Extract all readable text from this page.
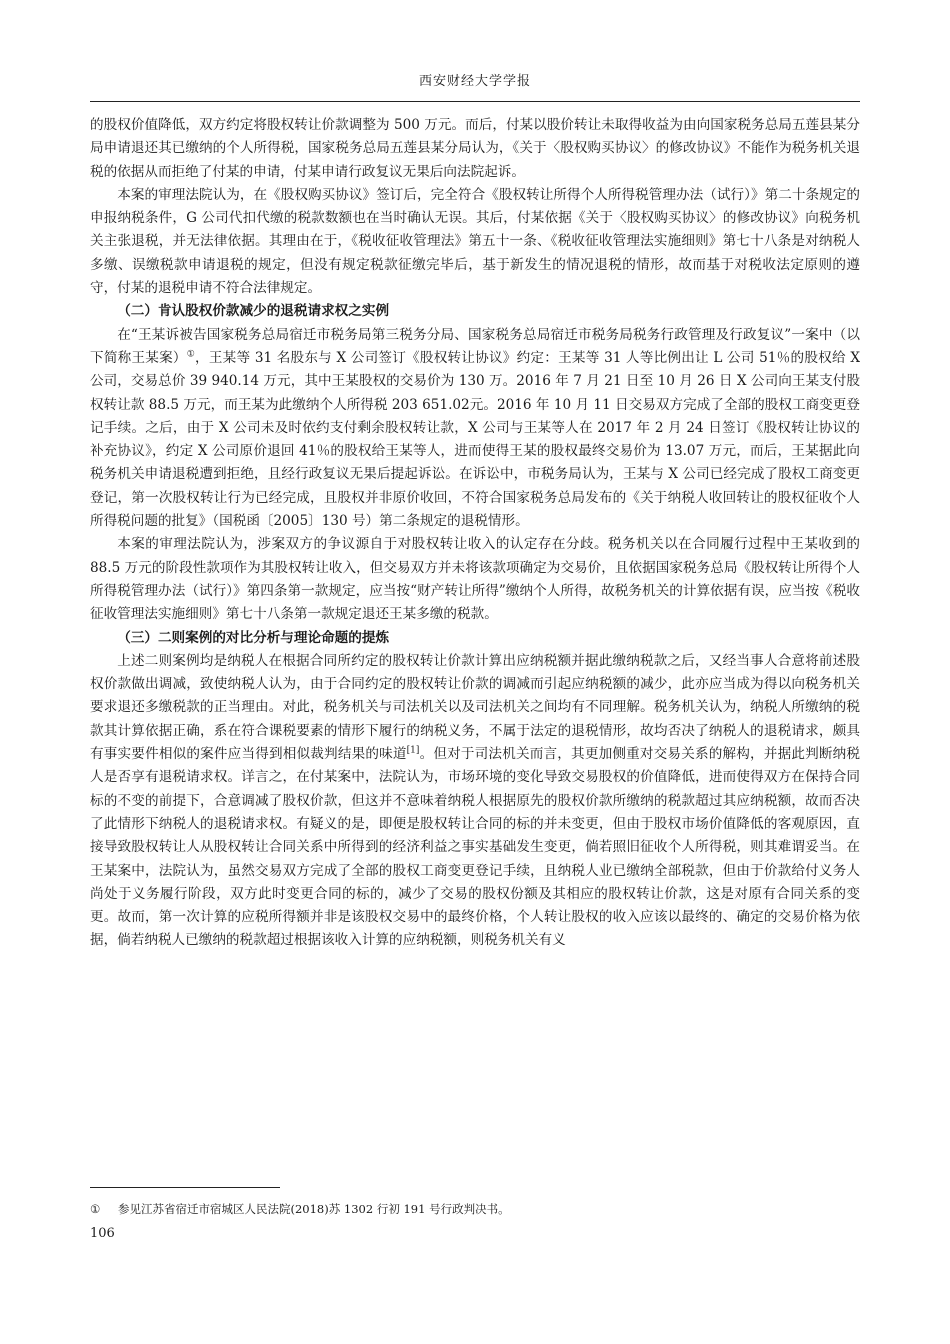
西安财经大学学报

的股权价值降低，双方约定将股权转让价款调整为 500 万元。而后，付某以股价转让未取得收益为由向国家税务总局五莲县某分局申请退还其已缴纳的个人所得税，国家税务总局五莲县某分局认为，《关于〈股权购买协议〉的修改协议》不能作为税务机关退税的依据从而拒绝了付某的申请，付某申请行政复议无果后向法院起诉。

本案的审理法院认为，在《股权购买协议》签订后，完全符合《股权转让所得个人所得税管理办法（试行）》第二十条规定的申报纳税条件，G 公司代扣代缴的税款数额也在当时确认无误。其后，付某依据《关于〈股权购买协议〉的修改协议》向税务机关主张退税，并无法律依据。其理由在于，《税收征收管理法》第五十一条、《税收征收管理法实施细则》第七十八条是对纳税人多缴、误缴税款申请退税的规定，但没有规定税款征缴完毕后，基于新发生的情况退税的情形，故而基于对税收法定原则的遵守，付某的退税申请不符合法律规定。

（二）肯认股权价款减少的退税请求权之实例

在“王某诉被告国家税务总局宿迁市税务局第三税务分局、国家税务总局宿迁市税务局税务行政管理及行政复议”一案中（以下简称王某案）①，王某等 31 名股东与 X 公司签订《股权转让协议》约定：王某等 31 人等比例出让 L 公司 51％的股权给 X 公司，交易总价 39 940.14 万元，其中王某股权的交易价为 130 万。2016 年 7 月 21 日至 10 月 26 日 X 公司向王某支付股权转让款 88.5 万元，而王某为此缴纳个人所得税 203 651.02元。2016 年 10 月 11 日交易双方完成了全部的股权工商变更登记手续。之后，由于 X 公司未及时依约支付剩余股权转让款，X 公司与王某等人在 2017 年 2 月 24 日签订《股权转让协议的补充协议》，约定 X 公司原价退回 41％的股权给王某等人，进而使得王某的股权最终交易价为 13.07 万元，而后，王某据此向税务机关申请退税遭到拒绝，且经行政复议无果后提起诉讼。在诉讼中，市税务局认为，王某与 X 公司已经完成了股权工商变更登记，第一次股权转让行为已经完成，且股权并非原价收回，不符合国家税务总局发布的《关于纳税人收回转让的股权征收个人所得税问题的批复》（国税函〔2005〕130 号）第二条规定的退税情形。

本案的审理法院认为，涉案双方的争议源自于对股权转让收入的认定存在分歧。税务机关以在合同履行过程中王某收到的 88.5 万元的阶段性款项作为其股权转让收入，但交易双方并未将该款项确定为交易价，且依据国家税务总局《股权转让所得个人所得税管理办法（试行）》第四条第一款规定，应当按“财产转让所得”缴纳个人所得，故税务机关的计算依据有误，应当按《税收征收管理法实施细则》第七十八条第一款规定退还王某多缴的税款。

（三）二则案例的对比分析与理论命题的提炼

上述二则案例均是纳税人在根据合同所约定的股权转让价款计算出应纳税额并据此缴纳税款之后，又经当事人合意将前述股权价款做出调减，致使纳税人认为，由于合同约定的股权转让价款的调减而引起应纳税额的减少，此亦应当成为得以向税务机关要求退还多缴税款的正当理由。对此，税务机关与司法机关以及司法机关之间均有不同理解。税务机关认为，纳税人所缴纳的税款其计算依据正确，系在符合课税要素的情形下履行的纳税义务，不属于法定的退税情形，故均否决了纳税人的退税请求，颇具有事实要件相似的案件应当得到相似裁判结果的味道[1]。但对于司法机关而言，其更加侧重对交易关系的解构，并据此判断纳税人是否享有退税请求权。详言之，在付某案中，法院认为，市场环境的变化导致交易股权的价值降低，进而使得双方在保持合同标的不变的前提下，合意调减了股权价款，但这并不意味着纳税人根据原先的股权价款所缴纳的税款超过其应纳税额，故而否决了此情形下纳税人的退税请求权。有疑义的是，即便是股权转让合同的标的并未变更，但由于股权市场价值降低的客观原因，直接导致股权转让人从股权转让合同关系中所得到的经济利益之事实基础发生变更，倘若照旧征收个人所得税，则其难谓妥当。在王某案中，法院认为，虽然交易双方完成了全部的股权工商变更登记手续，且纳税人业已缴纳全部税款，但由于价款给付义务人尚处于义务履行阶段，双方此时变更合同的标的，减少了交易的股权份额及其相应的股权转让价款，这是对原有合同关系的变更。故而，第一次计算的应税所得额并非是该股权交易中的最终价格，个人转让股权的收入应该以最终的、确定的交易价格为依据，倘若纳税人已缴纳的税款超过根据该收入计算的应纳税额，则税务机关有义

① 参见江苏省宿迁市宿城区人民法院(2018)苏 1302 行初 191 号行政判决书。
106
